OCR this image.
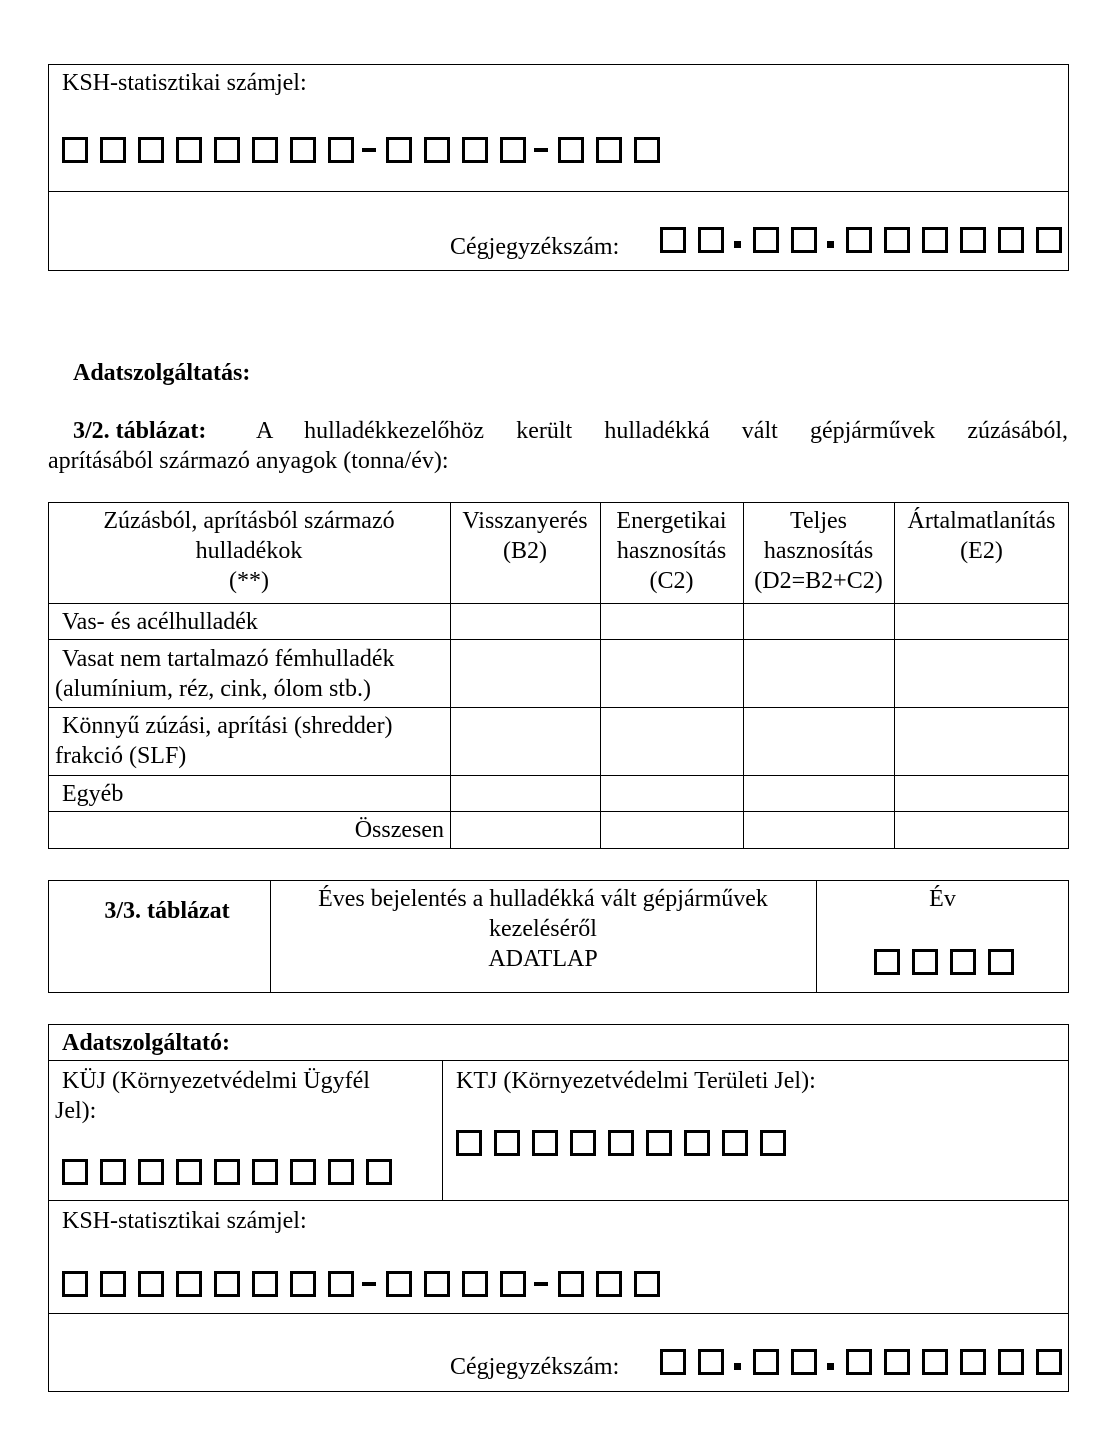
KSH-statisztikai számjel:
Cégjegyzékszám:
Adatszolgáltatás:
3/2. táblázat: A hulladékkezelőhöz került hulladékká vált gépjárművek zúzásából,
aprításából származó anyagok (tonna/év):
Zúzásból, aprításból származó
hulladékok
(**)
Visszanyerés
(B2)
Energetikai
hasznosítás
(C2)
Teljes
hasznosítás
(D2=B2+C2)
Ártalmatlanítás
(E2)
Vas- és acélhulladék
Vasat nem tartalmazó fémhulladék
(alumínium, réz, cink, ólom stb.)
Könnyű zúzási, aprítási (shredder)
frakció (SLF)
Egyéb
Összesen
3/3. táblázat	Éves bejelentés a hulladékká vált gépjárművek
kezeléséről
ADATLAP
Év
Adatszolgáltató:
KÜJ (Környezetvédelmi Ügyfél
Jel):
KTJ (Környezetvédelmi Területi Jel):
KSH-statisztikai számjel:
Cégjegyzékszám:
